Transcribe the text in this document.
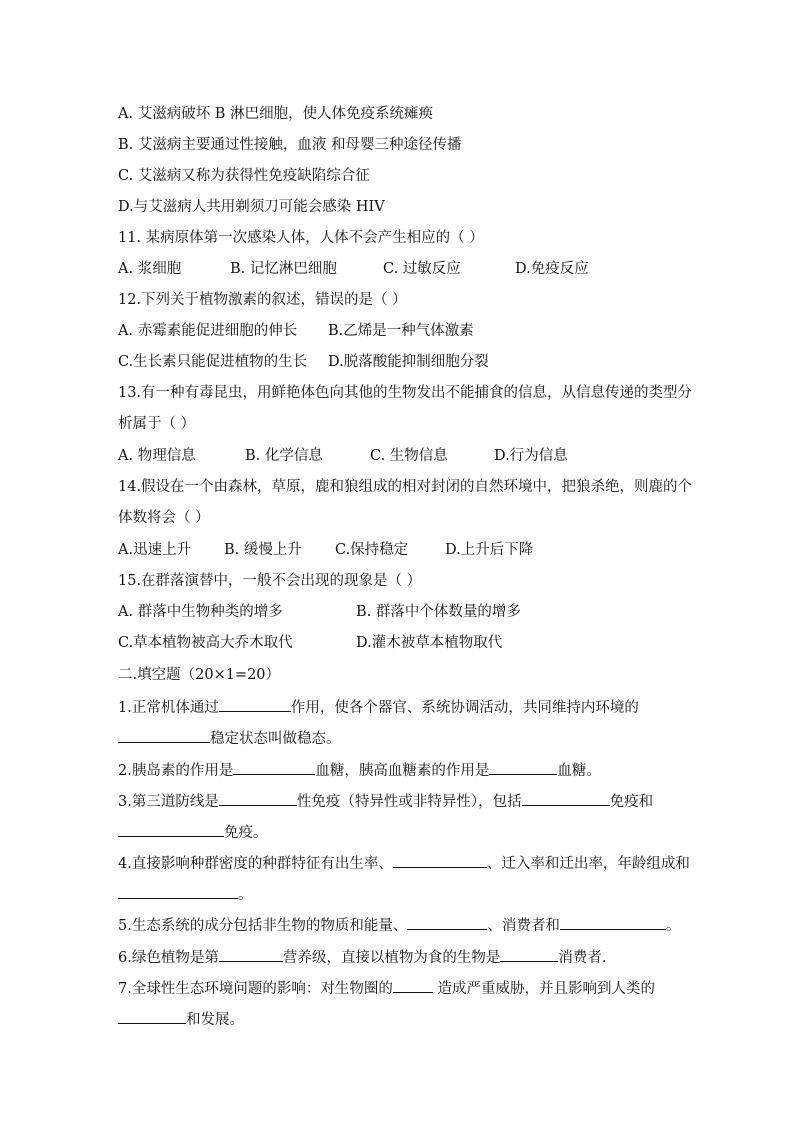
A. 艾滋病破坏 B 淋巴细胞，使人体免疫系统瘫痪
B. 艾滋病主要通过性接触，血液 和母婴三种途径传播
C. 艾滋病又称为获得性免疫缺陷综合征
D.与艾滋病人共用剃须刀可能会感染 HIV
11. 某病原体第一次感染人体，人体不会产生相应的（ ）
A. 浆细胞	B. 记忆淋巴细胞	C. 过敏反应	D.免疫反应
12.下列关于植物激素的叙述，错误的是（ ）
A. 赤霉素能促进细胞的伸长 B.乙烯是一种气体激素
C.生长素只能促进植物的生长 D.脱落酸能抑制细胞分裂
13.有一种有毒昆虫，用鲜艳体色向其他的生物发出不能捕食的信息，从信息传递的类型分
析属于（ ）
A. 物理信息	B. 化学信息	C. 生物信息	D.行为信息
14.假设在一个由森林，草原，鹿和狼组成的相对封闭的自然环境中，把狼杀绝，则鹿的个
体数将会（ ）
A.迅速上升 B. 缓慢上升 C.保持稳定	D.上升后下降
15.在群落演替中，一般不会出现的现象是（ ）
A. 群落中生物种类的增多	B. 群落中个体数量的增多
C.草本植物被高大乔木取代	D.灌木被草本植物取代
二.填空题（20×1=20）
1.正常机体通过	作用，使各个器官、系统协调活动，共同维持内环境的
稳定状态叫做稳态。
2.胰岛素的作用是	血糖，胰高血糖素的作用是	血糖。
3.第三道防线是	性免疫（特异性或非特异性），包括	免疫和
免疫。
4.直接影响种群密度的种群特征有出生率、	、迁入率和迁出率，年龄组成和
。
5.生态系统的成分包括非生物的物质和能量、	、消费者和	。
6.绿色植物是第	营养级，直接以植物为食的生物是	消费者.
7.全球性生态环境问题的影响：对生物圈的	造成严重威胁，并且影响到人类的
和发展。
